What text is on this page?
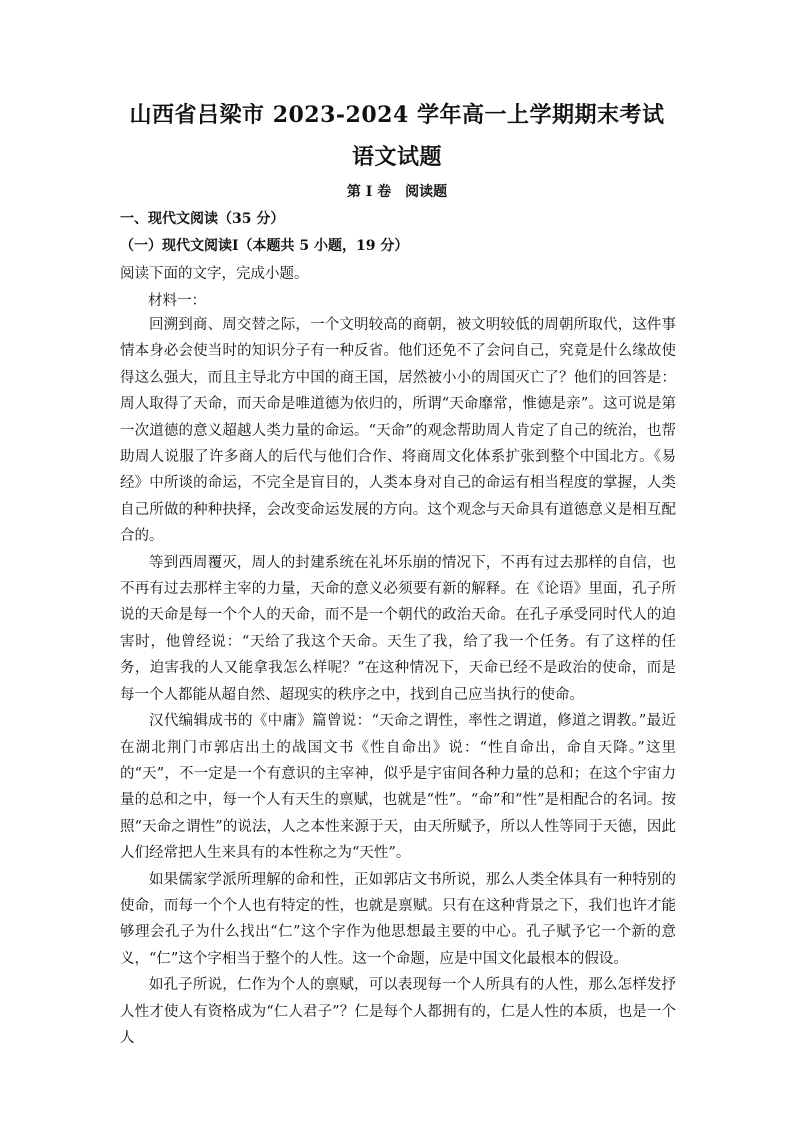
山西省吕梁市 2023-2024 学年高一上学期期末考试
语文试题
第 I 卷　阅读题
一、现代文阅读（35 分）
（一）现代文阅读Ⅰ（本题共 5 小题，19 分）
阅读下面的文字，完成小题。
材料一：

回溯到商、周交替之际，一个文明较高的商朝，被文明较低的周朝所取代，这件事情本身必会使当时的知识分子有一种反省。他们还免不了会问自己，究竟是什么缘故使得这么强大，而且主导北方中国的商王国，居然被小小的周国灭亡了？他们的回答是：周人取得了天命，而天命是唯道德为依归的，所谓“天命靡常，惟德是亲”。这可说是第一次道德的意义超越人类力量的命运。“天命”的观念帮助周人肯定了自己的统治，也帮助周人说服了许多商人的后代与他们合作、将商周文化体系扩张到整个中国北方。《易经》中所谈的命运，不完全是盲目的，人类本身对自己的命运有相当程度的掌握，人类自己所做的种种抉择，会改变命运发展的方向。这个观念与天命具有道德意义是相互配合的。

等到西周覆灭，周人的封建系统在礼坏乐崩的情况下，不再有过去那样的自信，也不再有过去那样主宰的力量，天命的意义必须要有新的解释。在《论语》里面，孔子所说的天命是每一个个人的天命，而不是一个朝代的政治天命。在孔子承受同时代人的迫害时，他曾经说：“天给了我这个天命。天生了我，给了我一个任务。有了这样的任务，迫害我的人又能拿我怎么样呢？”在这种情况下，天命已经不是政治的使命，而是每一个人都能从超自然、超现实的秩序之中，找到自己应当执行的使命。

汉代编辑成书的《中庸》篇曾说：“天命之谓性，率性之谓道，修道之谓教。”最近在湖北荆门市郭店出土的战国文书《性自命出》说：“性自命出，命自天降。”这里的“天”，不一定是一个有意识的主宰神，似乎是宇宙间各种力量的总和；在这个宇宙力量的总和之中，每一个人有天生的禀赋，也就是“性”。“命”和“性”是相配合的名词。按照“天命之谓性”的说法，人之本性来源于天，由天所赋予，所以人性等同于天德，因此人们经常把人生来具有的本性称之为“天性”。

如果儒家学派所理解的命和性，正如郭店文书所说，那么人类全体具有一种特别的使命，而每一个个人也有特定的性，也就是禀赋。只有在这种背景之下，我们也许才能够理会孔子为什么找出“仁”这个字作为他思想最主要的中心。孔子赋予它一个新的意义，“仁”这个字相当于整个的人性。这一个命题，应是中国文化最根本的假设。

如孔子所说，仁作为个人的禀赋，可以表现每一个人所具有的人性，那么怎样发抒人性才使人有资格成为“仁人君子”？仁是每个人都拥有的，仁是人性的本质，也是一个人
